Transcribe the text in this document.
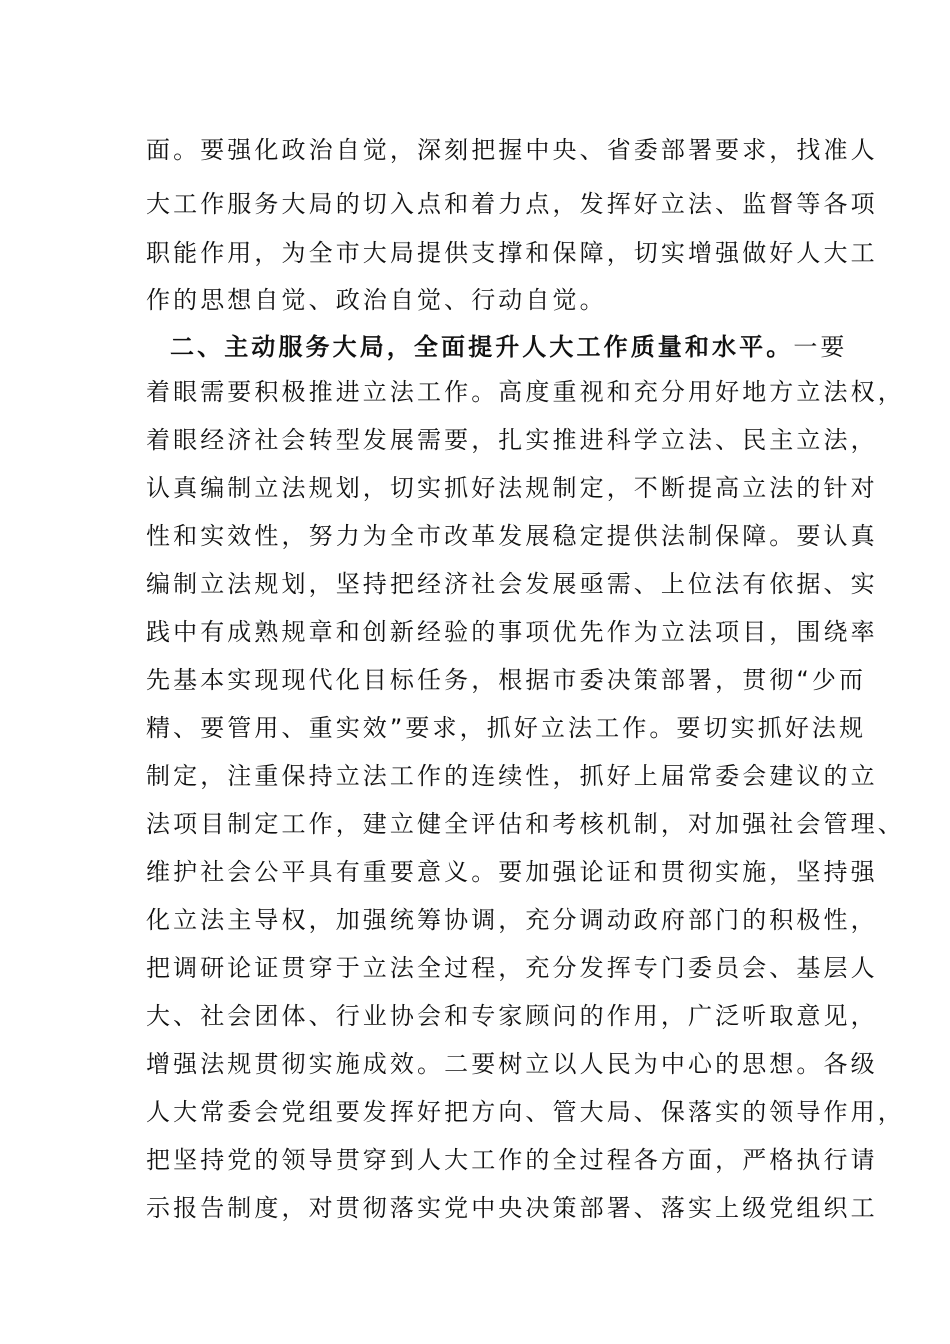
面。要强化政治自觉，深刻把握中央、省委部署要求，找准人
大工作服务大局的切入点和着力点，发挥好立法、监督等各项
职能作用，为全市大局提供支撑和保障，切实增强做好人大工
作的思想自觉、政治自觉、行动自觉。
二、主动服务大局，全面提升人大工作质量和水平。一要
着眼需要积极推进立法工作。高度重视和充分用好地方立法权，
着眼经济社会转型发展需要，扎实推进科学立法、民主立法，
认真编制立法规划，切实抓好法规制定，不断提高立法的针对
性和实效性，努力为全市改革发展稳定提供法制保障。要认真
编制立法规划，坚持把经济社会发展亟需、上位法有依据、实
践中有成熟规章和创新经验的事项优先作为立法项目，围绕率
先基本实现现代化目标任务，根据市委决策部署，贯彻“少而
精、要管用、重实效”要求，抓好立法工作。要切实抓好法规
制定，注重保持立法工作的连续性，抓好上届常委会建议的立
法项目制定工作，建立健全评估和考核机制，对加强社会管理、
维护社会公平具有重要意义。要加强论证和贯彻实施，坚持强
化立法主导权，加强统筹协调，充分调动政府部门的积极性，
把调研论证贯穿于立法全过程，充分发挥专门委员会、基层人
大、社会团体、行业协会和专家顾问的作用，广泛听取意见，
增强法规贯彻实施成效。二要树立以人民为中心的思想。各级
人大常委会党组要发挥好把方向、管大局、保落实的领导作用，
把坚持党的领导贯穿到人大工作的全过程各方面，严格执行请
示报告制度，对贯彻落实党中央决策部署、落实上级党组织工
